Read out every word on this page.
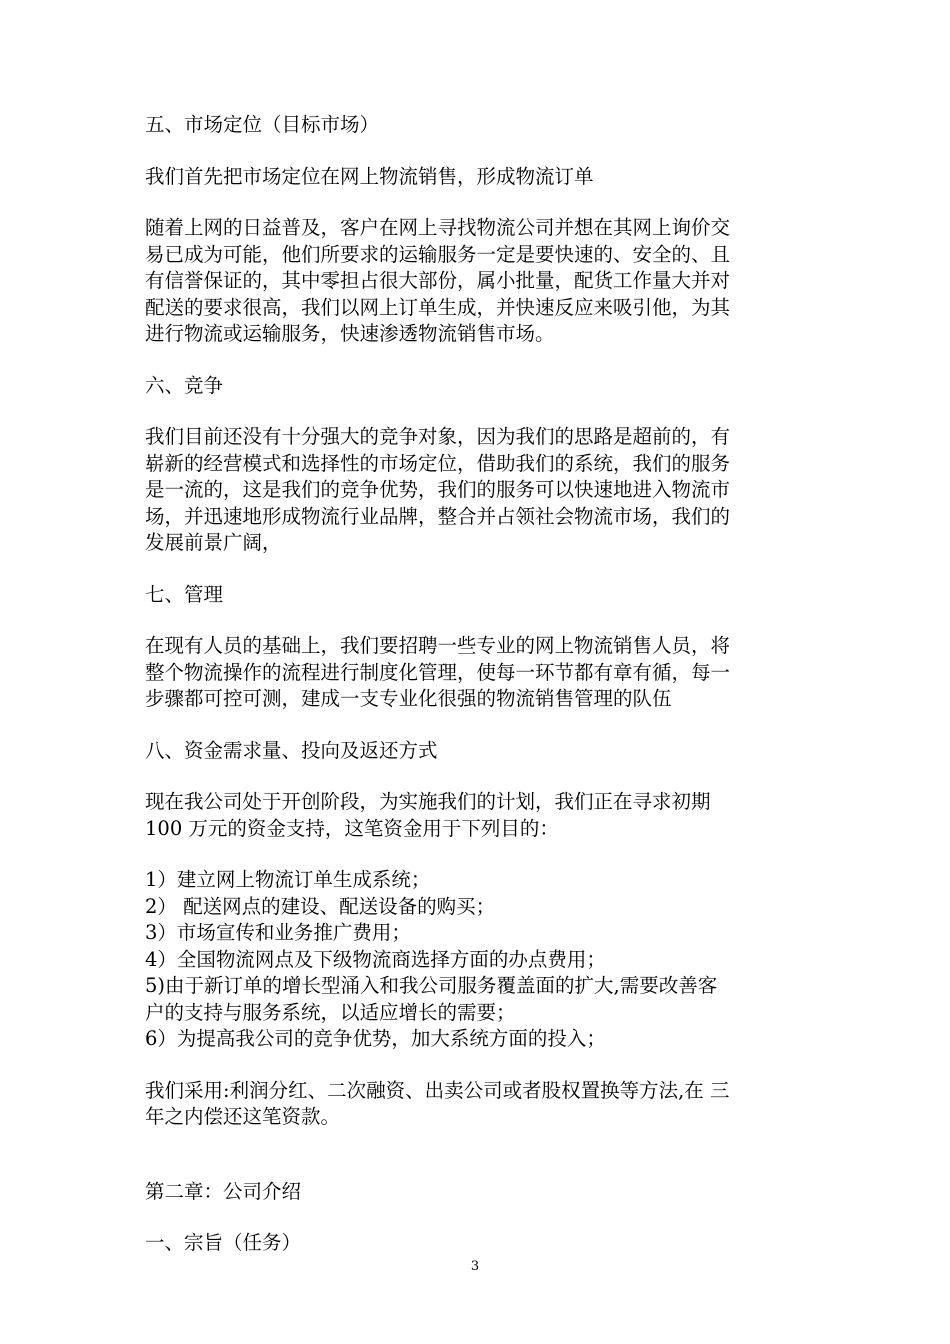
五、市场定位（目标市场）
我们首先把市场定位在网上物流销售，形成物流订单
随着上网的日益普及，客户在网上寻找物流公司并想在其网上询价交
易已成为可能，他们所要求的运输服务一定是要快速的、安全的、且
有信誉保证的，其中零担占很大部份，属小批量，配货工作量大并对
配送的要求很高，我们以网上订单生成，并快速反应来吸引他，为其
进行物流或运输服务，快速渗透物流销售市场。
六、竞争
我们目前还没有十分强大的竞争对象，因为我们的思路是超前的，有
崭新的经营模式和选择性的市场定位，借助我们的系统，我们的服务
是一流的，这是我们的竞争优势，我们的服务可以快速地进入物流市
场，并迅速地形成物流行业品牌，整合并占领社会物流市场，我们的
发展前景广阔，
七、管理
在现有人员的基础上，我们要招聘一些专业的网上物流销售人员，将
整个物流操作的流程进行制度化管理，使每一环节都有章有循，每一
步骤都可控可测，建成一支专业化很强的物流销售管理的队伍
八、资金需求量、投向及返还方式
现在我公司处于开创阶段，为实施我们的计划，我们正在寻求初期
100 万元的资金支持，这笔资金用于下列目的：
1）建立网上物流订单生成系统；
2） 配送网点的建设、配送设备的购买；
3）市场宣传和业务推广费用；
4）全国物流网点及下级物流商选择方面的办点费用；
5)由于新订单的增长型涌入和我公司服务覆盖面的扩大,需要改善客
户的支持与服务系统，以适应增长的需要；
6）为提高我公司的竞争优势，加大系统方面的投入；
我们采用:利润分红、二次融资、出卖公司或者股权置换等方法,在 三
年之内偿还这笔资款。
第二章：公司介绍
一、宗旨（任务）
3
